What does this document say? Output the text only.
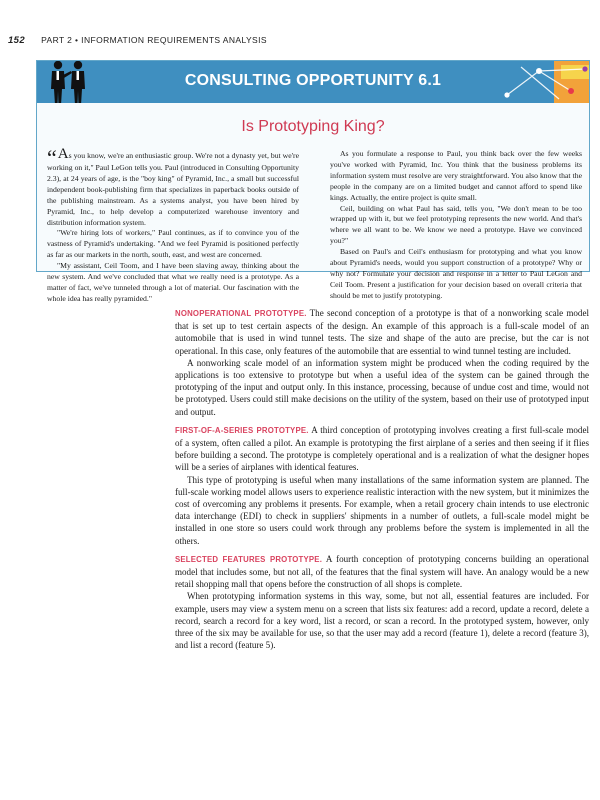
152 PART 2 • INFORMATION REQUIREMENTS ANALYSIS
CONSULTING OPPORTUNITY 6.1
Is Prototyping King?

“As you know, we're an enthusiastic group. We're not a dynasty yet, but we're working on it," Paul LeGon tells you. Paul (introduced in Consulting Opportunity 2.3), at 24 years of age, is the "boy king" of Pyramid, Inc., a small but successful independent book-publishing firm that specializes in paperback books outside of the publishing mainstream. As a systems analyst, you have been hired by Pyramid, Inc., to help develop a computerized warehouse inventory and distribution information system.

"We're hiring lots of workers," Paul continues, as if to convince you of the vastness of Pyramid's undertaking. "And we feel Pyramid is positioned perfectly as far as our markets in the north, south, east, and west are concerned.

"My assistant, Ceil Toom, and I have been slaving away, thinking about the new system. And we've concluded that what we really need is a prototype. As a matter of fact, we've tunneled through a lot of material. Our fascination with the whole idea has really pyramided."

As you formulate a response to Paul, you think back over the few weeks you've worked with Pyramid, Inc. You think that the business problems its information system must resolve are very straightforward. You also know that the people in the company are on a limited budget and cannot afford to spend like kings. Actually, the entire project is quite small.

Ceil, building on what Paul has said, tells you, "We don't mean to be too wrapped up with it, but we feel prototyping represents the new world. And that's where we all want to be. We know we need a prototype. Have we convinced you?"

Based on Paul's and Ceil's enthusiasm for prototyping and what you know about Pyramid's needs, would you support construction of a prototype? Why or why not? Formulate your decision and response in a letter to Paul LeGon and Ceil Toom. Present a justification for your decision based on overall criteria that should be met to justify prototyping.

NONOPERATIONAL PROTOTYPE. The second conception of a prototype is that of a nonworking scale model that is set up to test certain aspects of the design. An example of this approach is a full-scale model of an automobile that is used in wind tunnel tests. The size and shape of the auto are precise, but the car is not operational. In this case, only features of the automobile that are essential to wind tunnel testing are included.

A nonworking scale model of an information system might be produced when the coding required by the applications is too extensive to prototype but when a useful idea of the system can be gained through the prototyping of the input and output only. In this instance, processing, because of undue cost and time, would not be prototyped. Users could still make decisions on the utility of the system, based on their use of prototyped input and output.

FIRST-OF-A-SERIES PROTOTYPE. A third conception of prototyping involves creating a first full-scale model of a system, often called a pilot. An example is prototyping the first airplane of a series and then seeing if it flies before building a second. The prototype is completely operational and is a realization of what the designer hopes will be a series of airplanes with identical features.

This type of prototyping is useful when many installations of the same information system are planned. The full-scale working model allows users to experience realistic interaction with the new system, but it minimizes the cost of overcoming any problems it presents. For example, when a retail grocery chain intends to use electronic data interchange (EDI) to check in suppliers' shipments in a number of outlets, a full-scale model might be installed in one store so users could work through any problems before the system is implemented in all the others.

SELECTED FEATURES PROTOTYPE. A fourth conception of prototyping concerns building an operational model that includes some, but not all, of the features that the final system will have. An analogy would be a new retail shopping mall that opens before the construction of all shops is complete.

When prototyping information systems in this way, some, but not all, essential features are included. For example, users may view a system menu on a screen that lists six features: add a record, update a record, delete a record, search a record for a key word, list a record, or scan a record. In the prototyped system, however, only three of the six may be available for use, so that the user may add a record (feature 1), delete a record (feature 3), and list a record (feature 5).
